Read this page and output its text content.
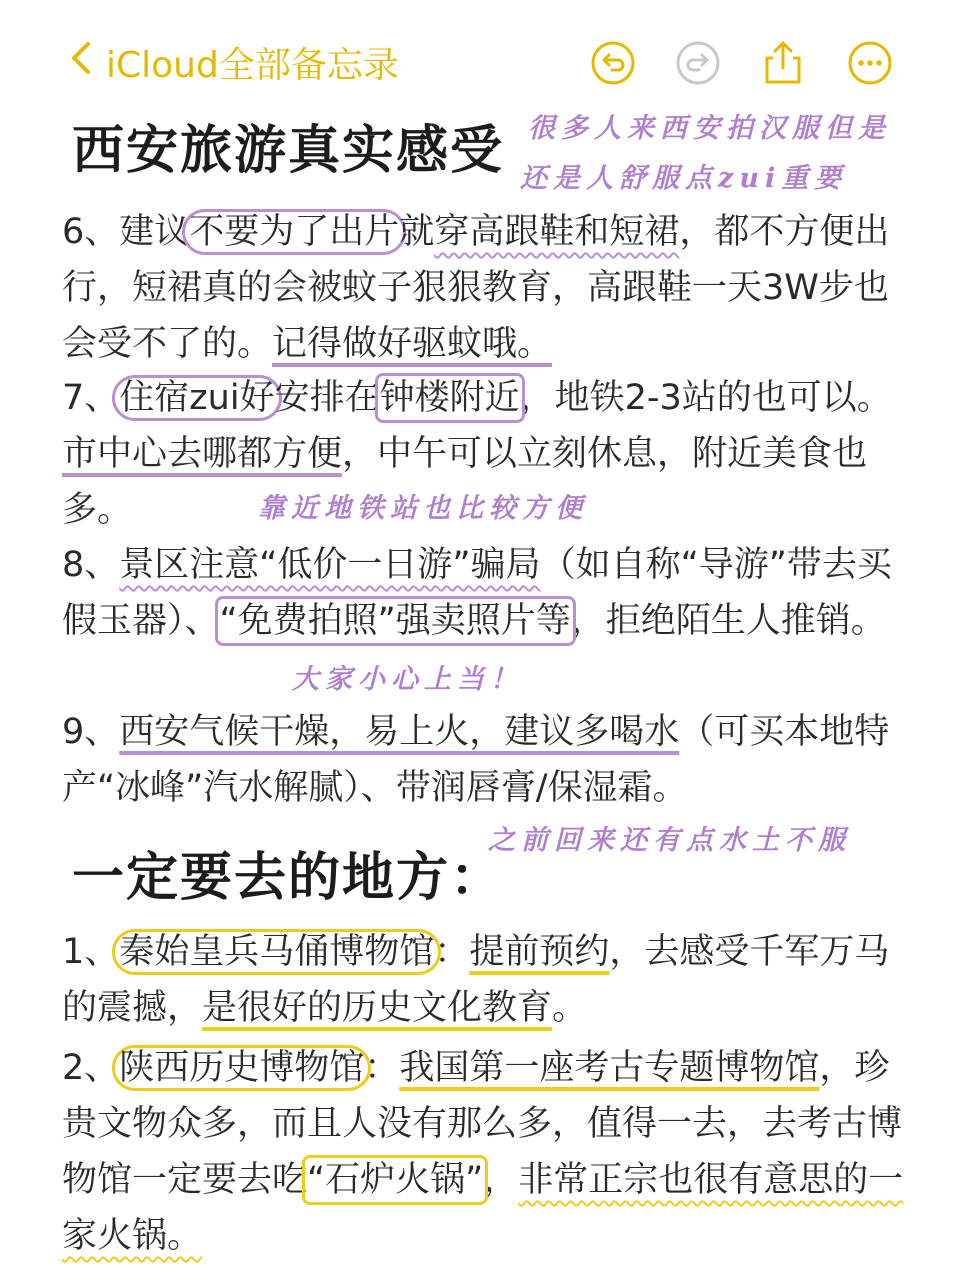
iCloud全部备忘录
西安旅游真实感受 很多人来西安拍汉服但是
还是人舒服点zui重要
6、建议不要为了出片就穿高跟鞋和短裙，都不方便出行，短裙真的会被蚊子狠狠教育，高跟鞋一天3W步也会受不了的。记得做好驱蚊哦。
7、住宿zui好安排在钟楼附近，地铁2-3站的也可以。市中心去哪都方便，中午可以立刻休息，附近美食也多。	靠近地铁站也比较方便
8、景区注意“低价一日游”骗局（如自称“导游”带去买假玉器）、“免费拍照”强卖照片等，拒绝陌生人推销。
大家小心上当！
9、西安气候干燥，易上火，建议多喝水（可买本地特产“冰峰”汽水解腻）、带润唇膏/保湿霜。
之前回来还有点水土不服
一定要去的地方：
1、秦始皇兵马俑博物馆：提前预约，去感受千军万马的震撼，是很好的历史文化教育。
2、陕西历史博物馆：我国第一座考古专题博物馆，珍贵文物众多，而且人没有那么多，值得一去，去考古博物馆一定要去吃“石炉火锅”，非常正宗也很有意思的一家火锅。
